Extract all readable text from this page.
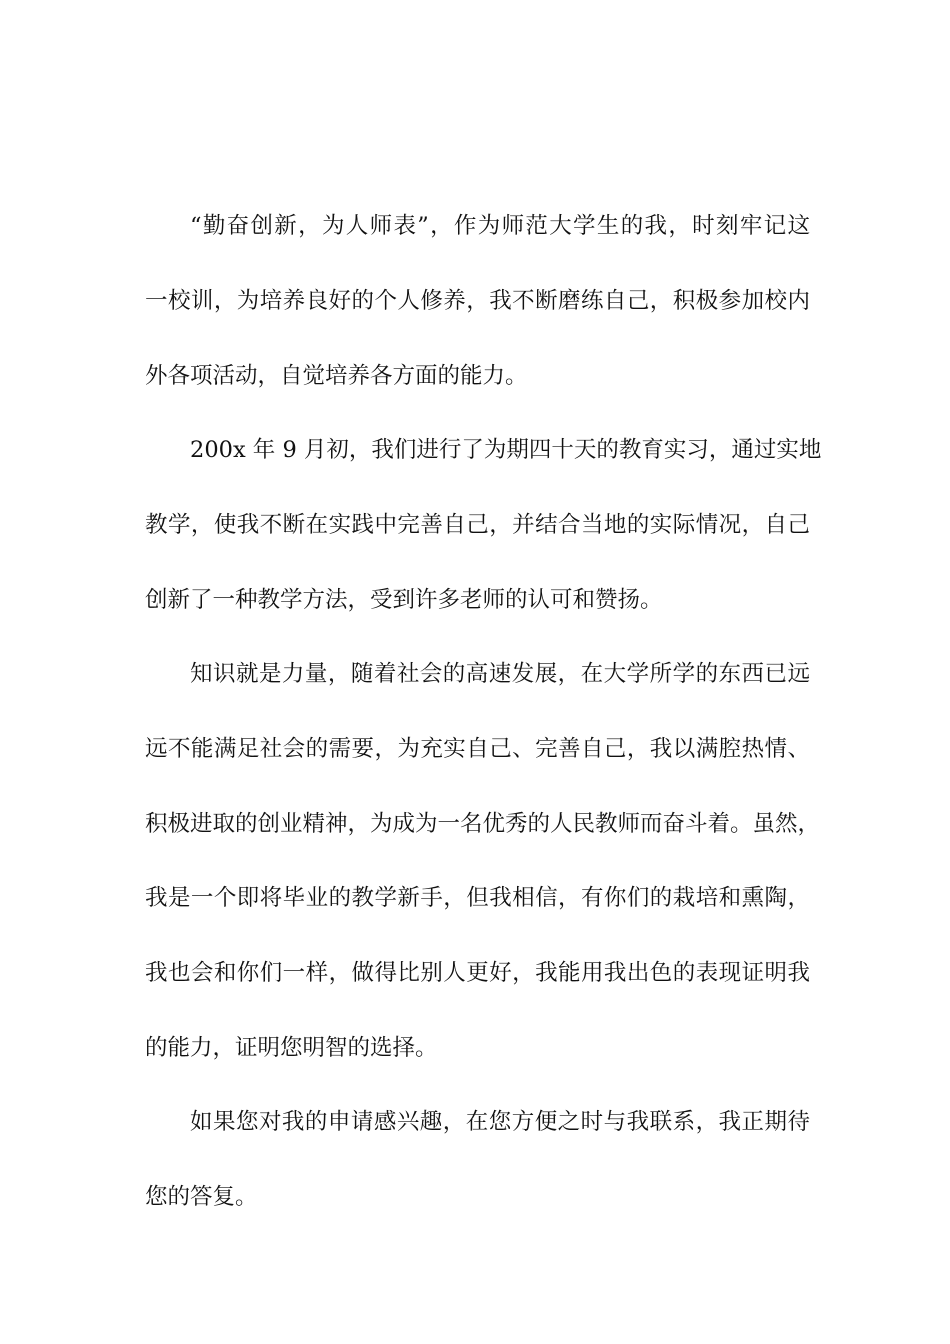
“勤奋创新，为人师表”，作为师范大学生的我，时刻牢记这
一校训，为培养良好的个人修养，我不断磨练自己，积极参加校内
外各项活动，自觉培养各方面的能力。
200x 年 9 月初，我们进行了为期四十天的教育实习，通过实地
教学，使我不断在实践中完善自己，并结合当地的实际情况，自己
创新了一种教学方法，受到许多老师的认可和赞扬。
知识就是力量，随着社会的高速发展，在大学所学的东西已远
远不能满足社会的需要，为充实自己、完善自己，我以满腔热情、
积极进取的创业精神，为成为一名优秀的人民教师而奋斗着。虽然，
我是一个即将毕业的教学新手，但我相信，有你们的栽培和熏陶，
我也会和你们一样，做得比别人更好，我能用我出色的表现证明我
的能力，证明您明智的选择。
如果您对我的申请感兴趣，在您方便之时与我联系，我正期待
您的答复。
